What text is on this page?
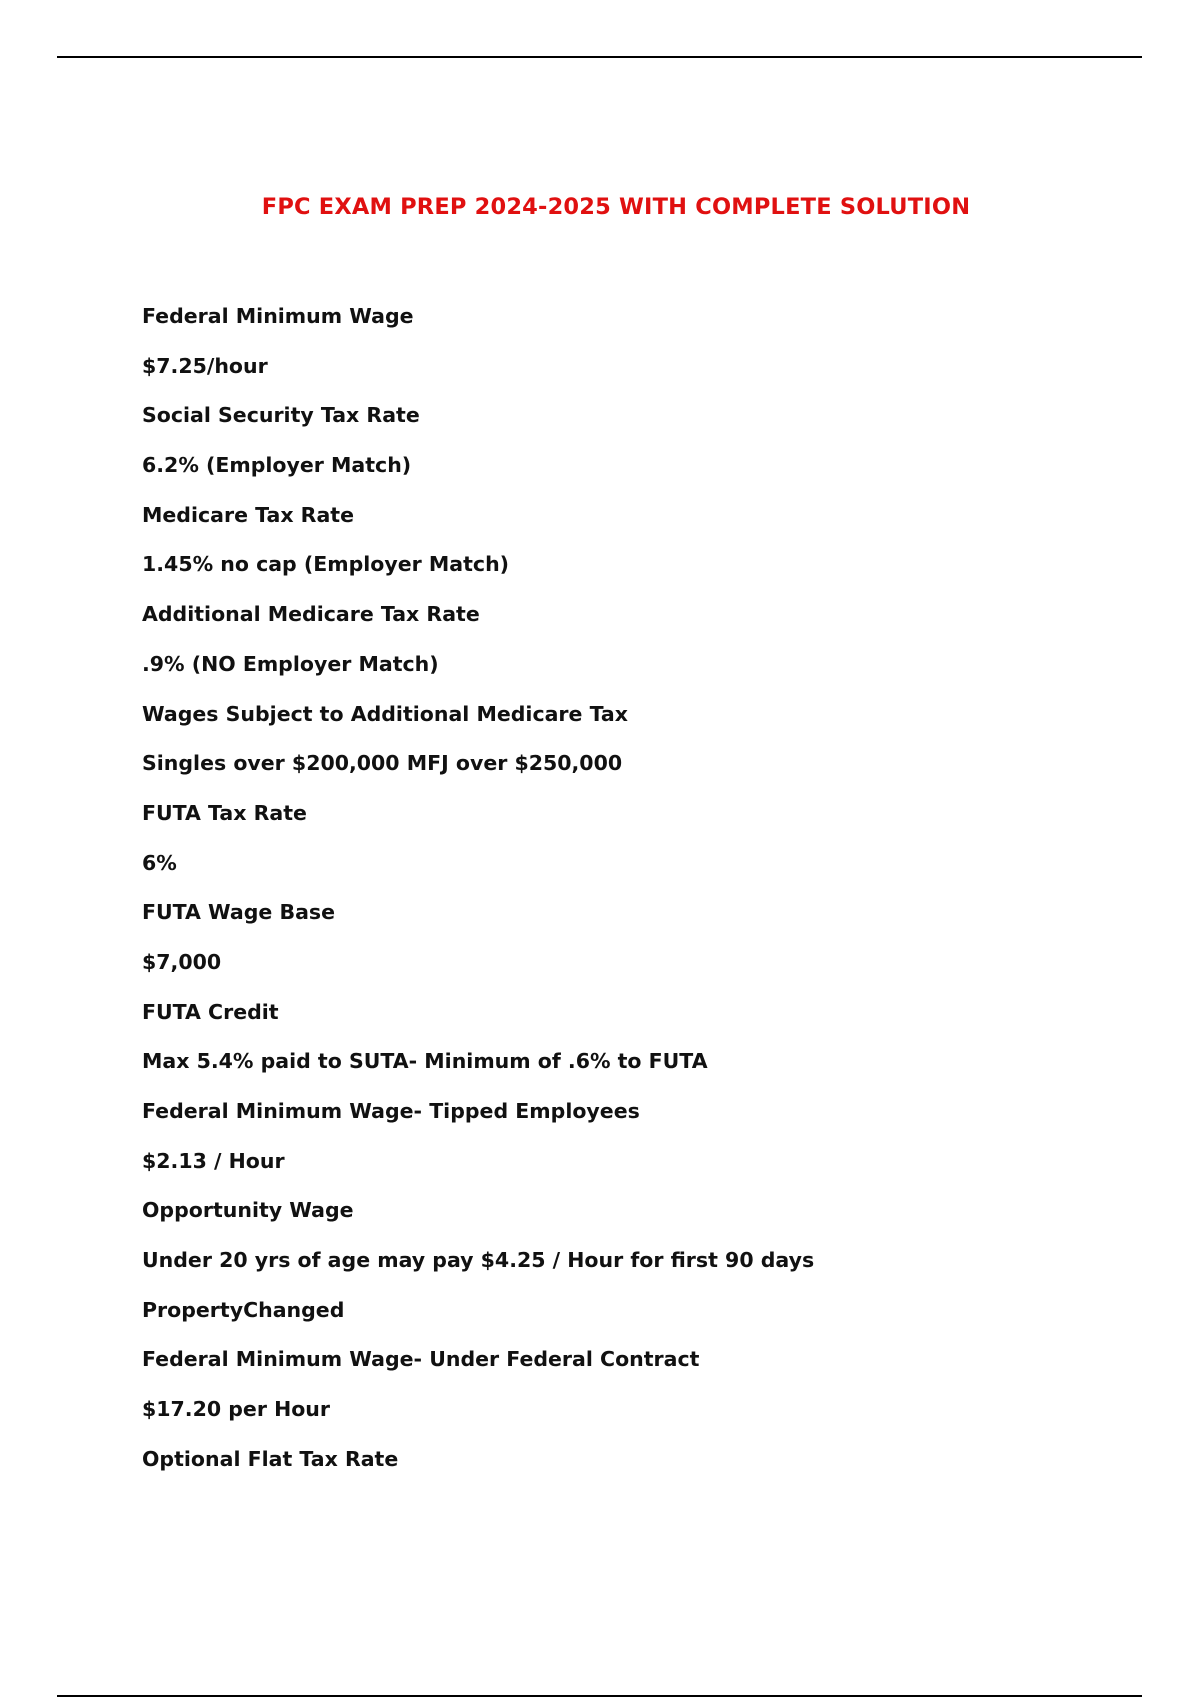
FPC EXAM PREP 2024-2025 WITH COMPLETE SOLUTION
Federal Minimum Wage
$7.25/hour
Social Security Tax Rate
6.2% (Employer Match)
Medicare Tax Rate
1.45% no cap (Employer Match)
Additional Medicare Tax Rate
.9% (NO Employer Match)
Wages Subject to Additional Medicare Tax
Singles over $200,000 MFJ over $250,000
FUTA Tax Rate
6%
FUTA Wage Base
$7,000
FUTA Credit
Max 5.4% paid to SUTA- Minimum of .6% to FUTA
Federal Minimum Wage- Tipped Employees
$2.13 / Hour
Opportunity Wage
Under 20 yrs of age may pay $4.25 / Hour for first 90 days
PropertyChanged
Federal Minimum Wage- Under Federal Contract
$17.20 per Hour
Optional Flat Tax Rate
